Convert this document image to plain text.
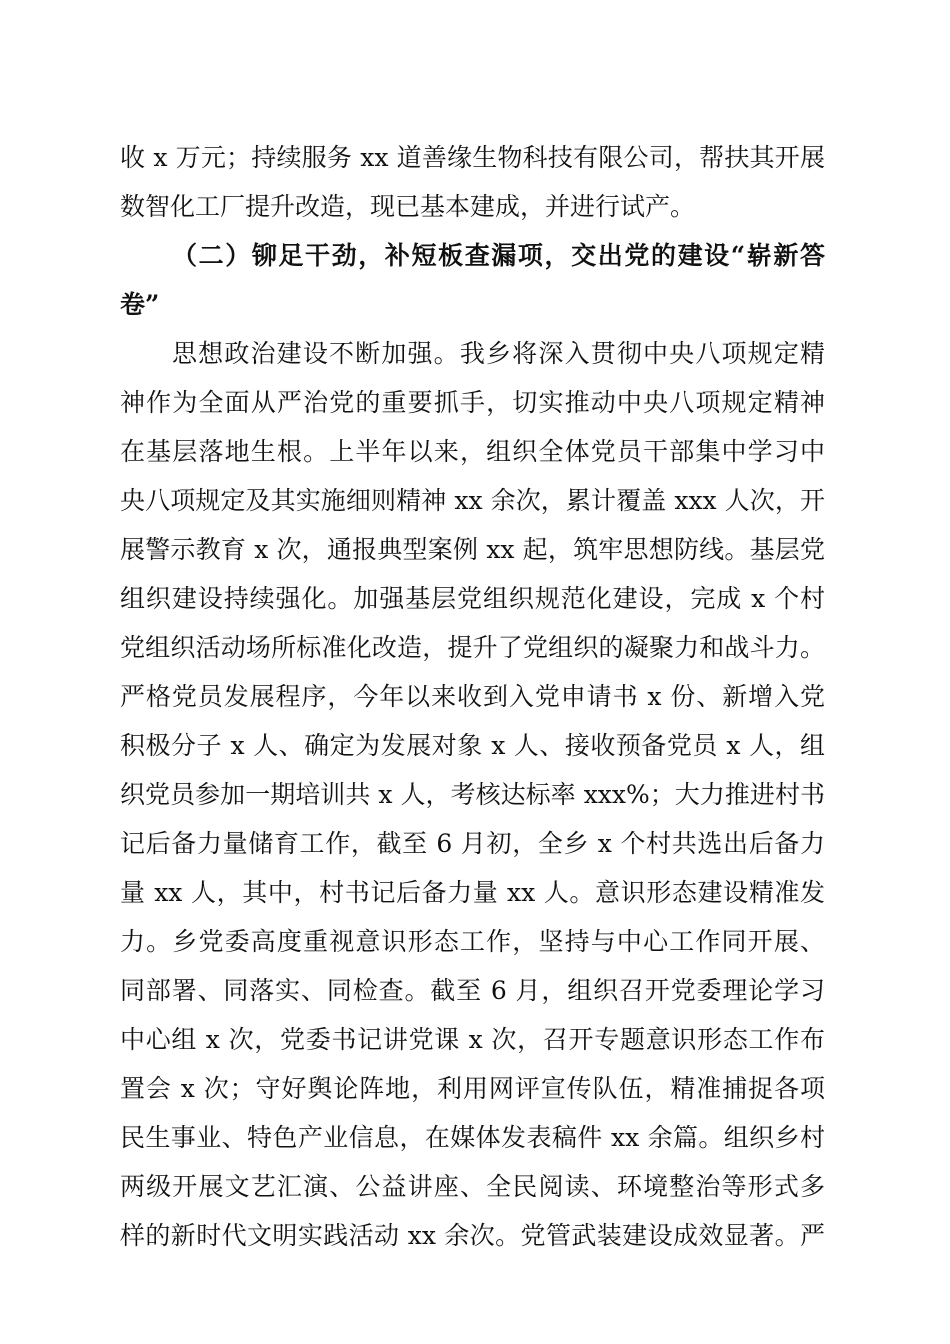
收 x 万元；持续服务 xx 道善缘生物科技有限公司，帮扶其开展

数智化工厂提升改造，现已基本建成，并进行试产。

（二）铆足干劲，补短板查漏项，交出党的建设“崭新答

卷”

思想政治建设不断加强。我乡将深入贯彻中央八项规定精

神作为全面从严治党的重要抓手，切实推动中央八项规定精神

在基层落地生根。上半年以来，组织全体党员干部集中学习中

央八项规定及其实施细则精神 xx 余次，累计覆盖 xxx 人次，开

展警示教育 x 次，通报典型案例 xx 起，筑牢思想防线。基层党

组织建设持续强化。加强基层党组织规范化建设，完成 x 个村

党组织活动场所标准化改造，提升了党组织的凝聚力和战斗力。

严格党员发展程序，今年以来收到入党申请书 x 份、新增入党

积极分子 x 人、确定为发展对象 x 人、接收预备党员 x 人，组

织党员参加一期培训共 x 人，考核达标率 xxx%；大力推进村书

记后备力量储育工作，截至 6 月初，全乡 x 个村共选出后备力

量 xx 人，其中，村书记后备力量 xx 人。意识形态建设精准发

力。乡党委高度重视意识形态工作，坚持与中心工作同开展、

同部署、同落实、同检查。截至 6 月，组织召开党委理论学习

中心组 x 次，党委书记讲党课 x 次，召开专题意识形态工作布

置会 x 次；守好舆论阵地，利用网评宣传队伍，精准捕捉各项

民生事业、特色产业信息，在媒体发表稿件 xx 余篇。组织乡村

两级开展文艺汇演、公益讲座、全民阅读、环境整治等形式多

样的新时代文明实践活动 xx 余次。党管武装建设成效显著。严
